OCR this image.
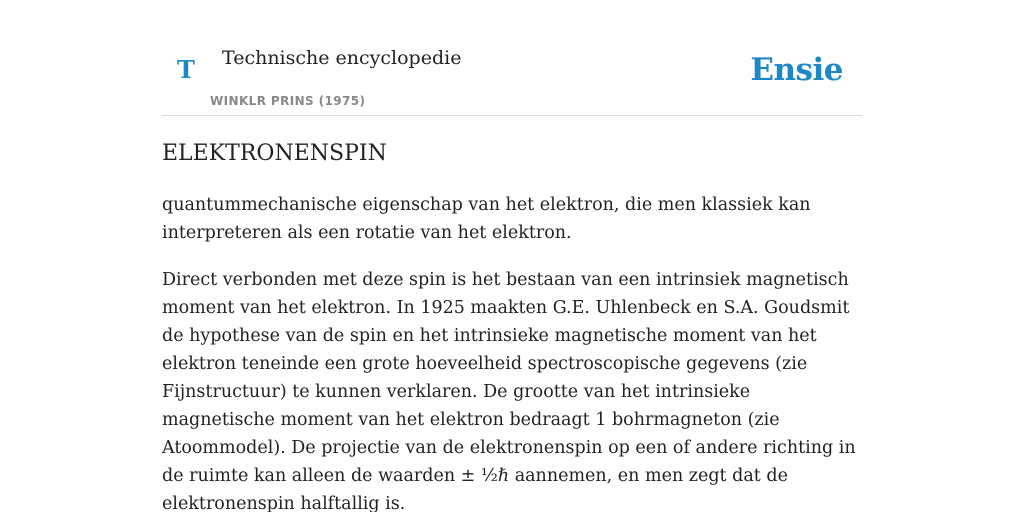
T Technische encyclopedie
WINKLR PRINS (1975)
Ensie
ELEKTRONENSPIN

quantummechanische eigenschap van het elektron, die men klassiek kan interpreteren als een rotatie van het elektron.

Direct verbonden met deze spin is het bestaan van een intrinsiek magnetisch moment van het elektron. In 1925 maakten G.E. Uhlenbeck en S.A. Goudsmit de hypothese van de spin en het intrinsieke magnetische moment van het elektron teneinde een grote hoeveelheid spectroscopische gegevens (zie Fijnstructuur) te kunnen verklaren. De grootte van het intrinsieke magnetische moment van het elektron bedraagt 1 bohrmagneton (zie Atoommodel). De projectie van de elektronenspin op een of andere richting in de ruimte kan alleen de waarden ± ½ℏ aannemen, en men zegt dat de elektronenspin halftallig is.
